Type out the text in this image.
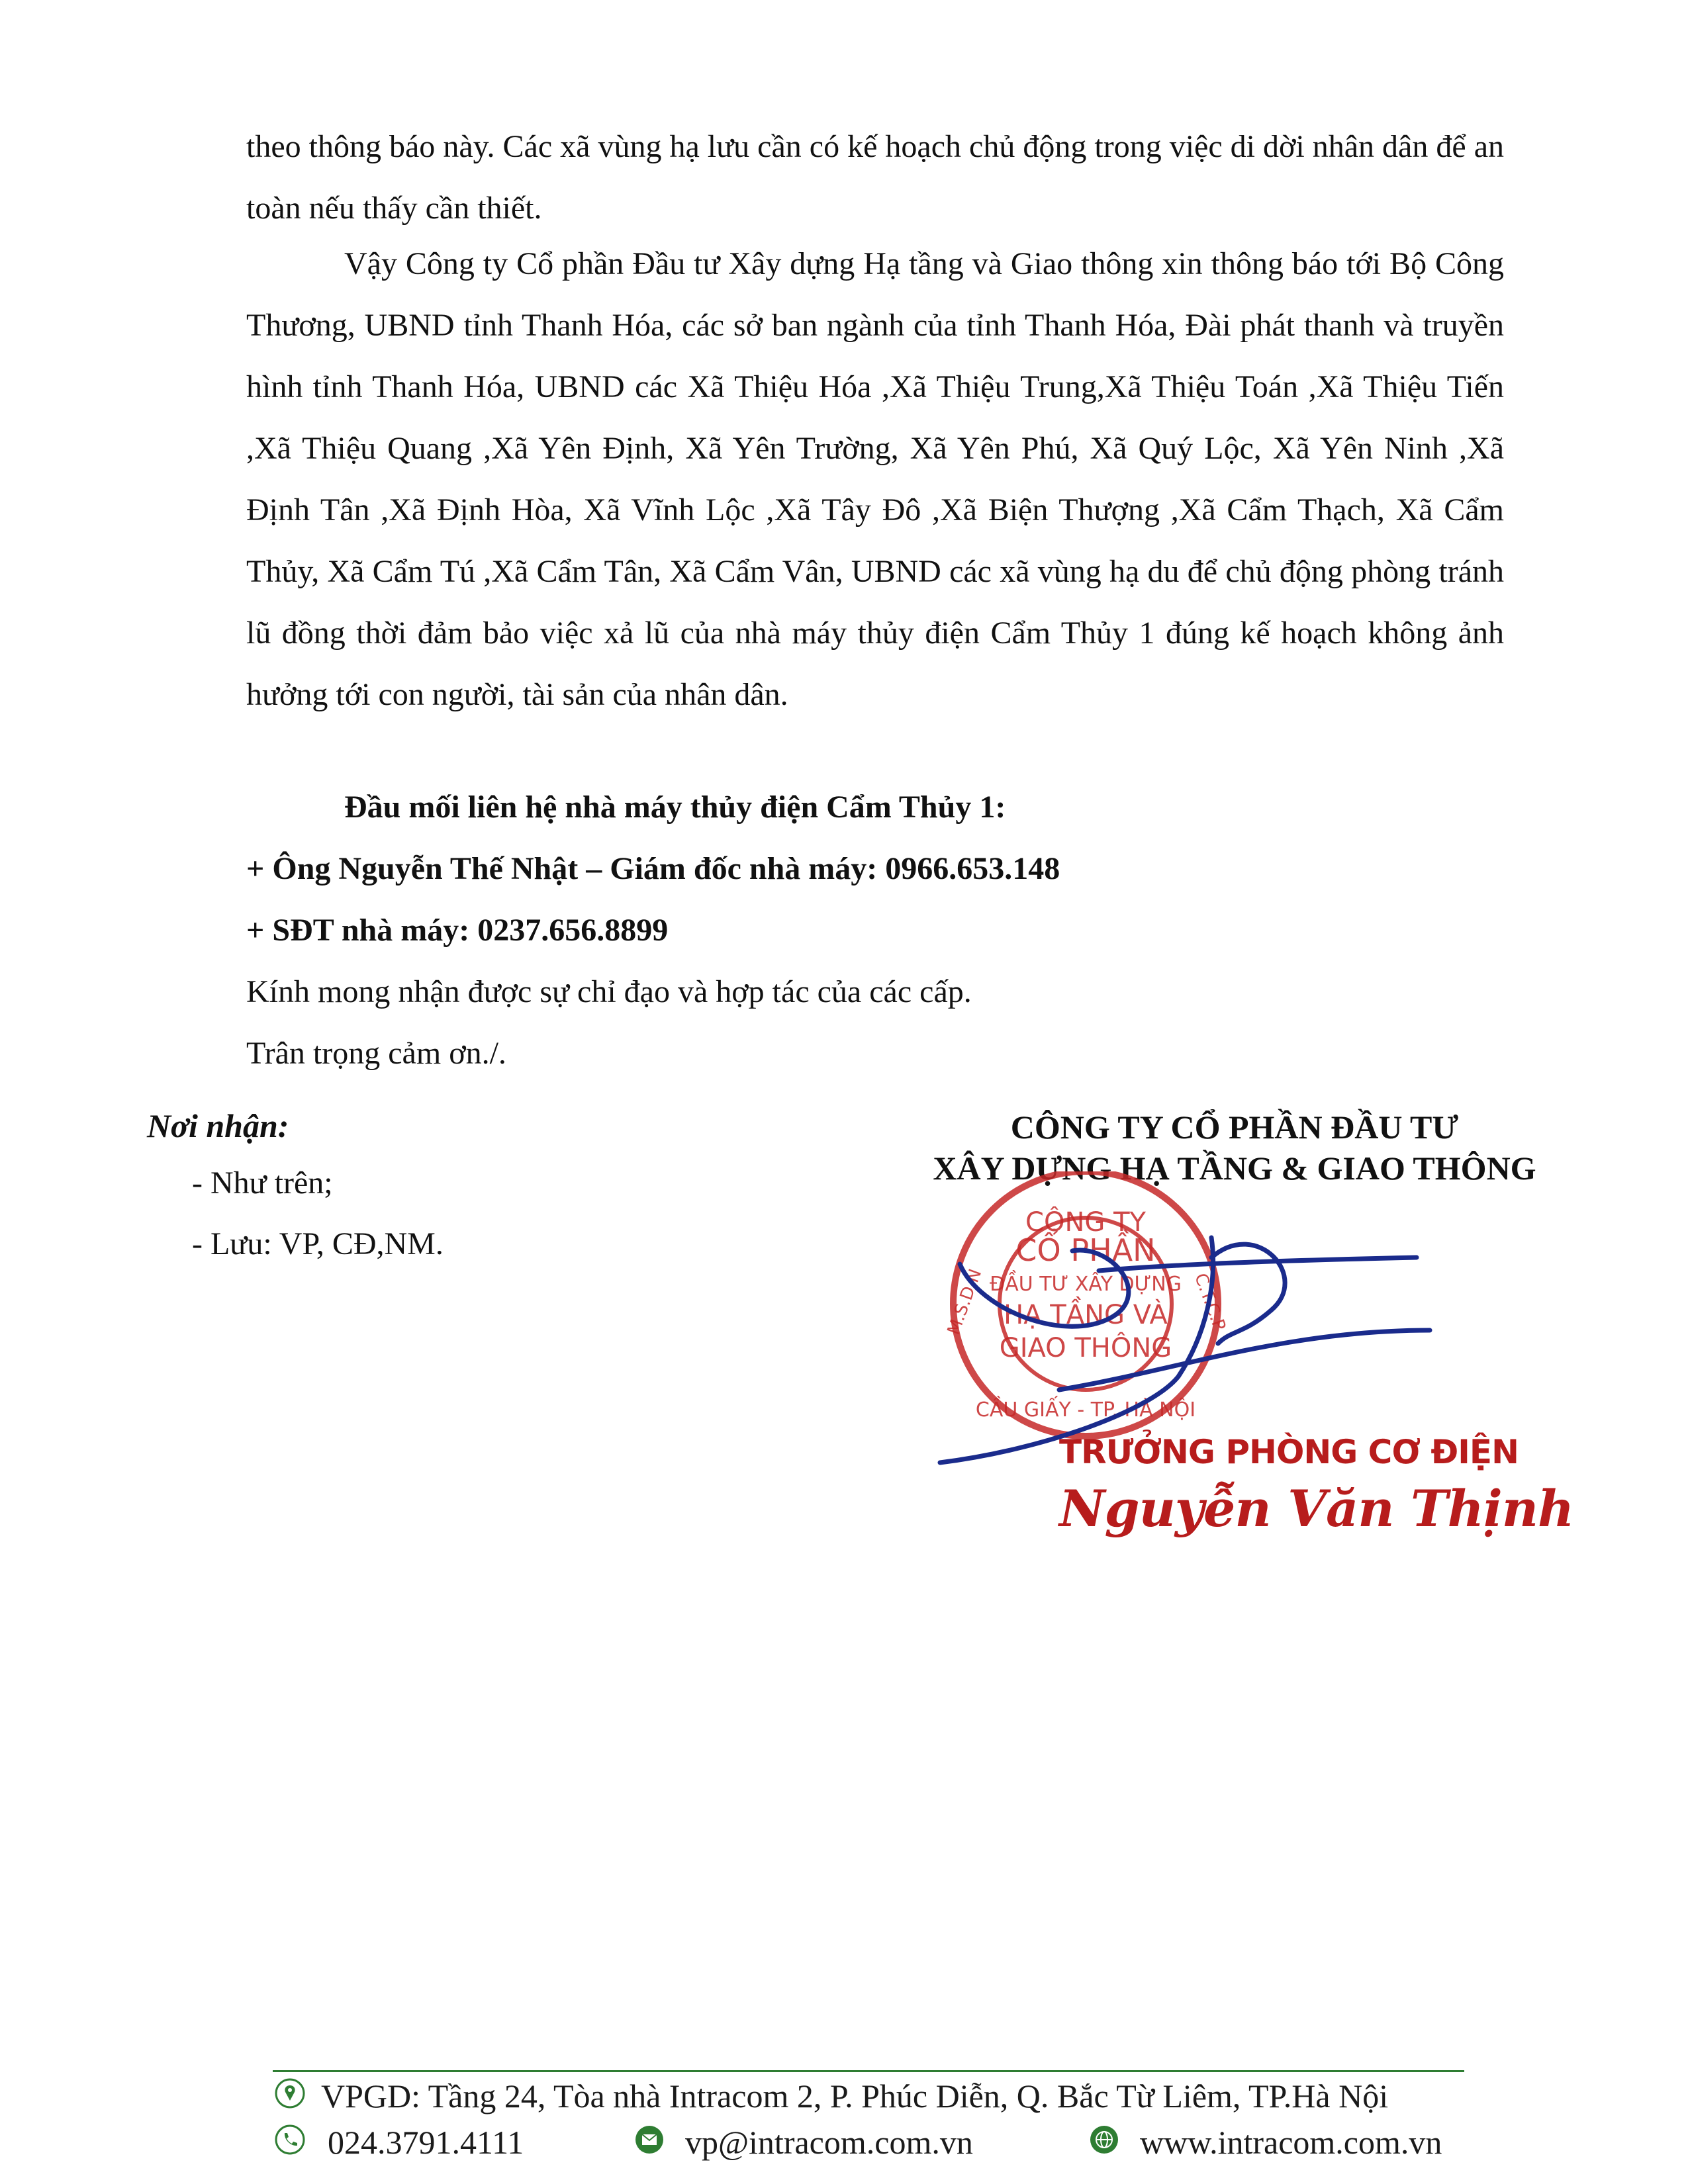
theo thông báo này. Các xã vùng hạ lưu cần có kế hoạch chủ động trong việc di dời nhân dân để an toàn nếu thấy cần thiết.

Vậy Công ty Cổ phần Đầu tư Xây dựng Hạ tầng và Giao thông xin thông báo tới Bộ Công Thương, UBND tỉnh Thanh Hóa, các sở ban ngành của tỉnh Thanh Hóa, Đài phát thanh và truyền hình tỉnh Thanh Hóa, UBND các Xã Thiệu Hóa ,Xã Thiệu Trung,Xã Thiệu Toán ,Xã Thiệu Tiến ,Xã Thiệu Quang ,Xã Yên Định, Xã Yên Trường, Xã Yên Phú, Xã Quý Lộc, Xã Yên Ninh ,Xã Định Tân ,Xã Định Hòa, Xã Vĩnh Lộc ,Xã Tây Đô ,Xã Biện Thượng ,Xã Cẩm Thạch, Xã Cẩm Thủy, Xã Cẩm Tú ,Xã Cẩm Tân, Xã Cẩm Vân, UBND các xã vùng hạ du để chủ động phòng tránh lũ đồng thời đảm bảo việc xả lũ của nhà máy thủy điện Cẩm Thủy 1 đúng kế hoạch không ảnh hưởng tới con người, tài sản của nhân dân.

Đầu mối liên hệ nhà máy thủy điện Cẩm Thủy 1:
+ Ông Nguyễn Thế Nhật – Giám đốc nhà máy: 0966.653.148
+ SĐT nhà máy: 0237.656.8899
Kính mong nhận được sự chỉ đạo và hợp tác của các cấp.
Trân trọng cảm ơn./.
Nơi nhận:
- Như trên;
- Lưu: VP, CĐ,NM.
CÔNG TY CỔ PHẦN ĐẦU TƯ
XÂY DỰNG HẠ TẦNG & GIAO THÔNG
CÔNG TY
CỔ PHẦN
ĐẦU TƯ XÂY DỰNG
HẠ TẦNG VÀ
GIAO THÔNG
CẦU GIẤY - TP. HÀ NỘI
M.S.D.N	C.T.C.P
TRƯỞNG PHÒNG CƠ ĐIỆN
Nguyễn Văn Thịnh
VPGD: Tầng 24, Tòa nhà Intracom 2, P. Phúc Diễn, Q. Bắc Từ Liêm, TP.Hà Nội
024.3791.4111	vp@intracom.com.vn	www.intracom.com.vn
